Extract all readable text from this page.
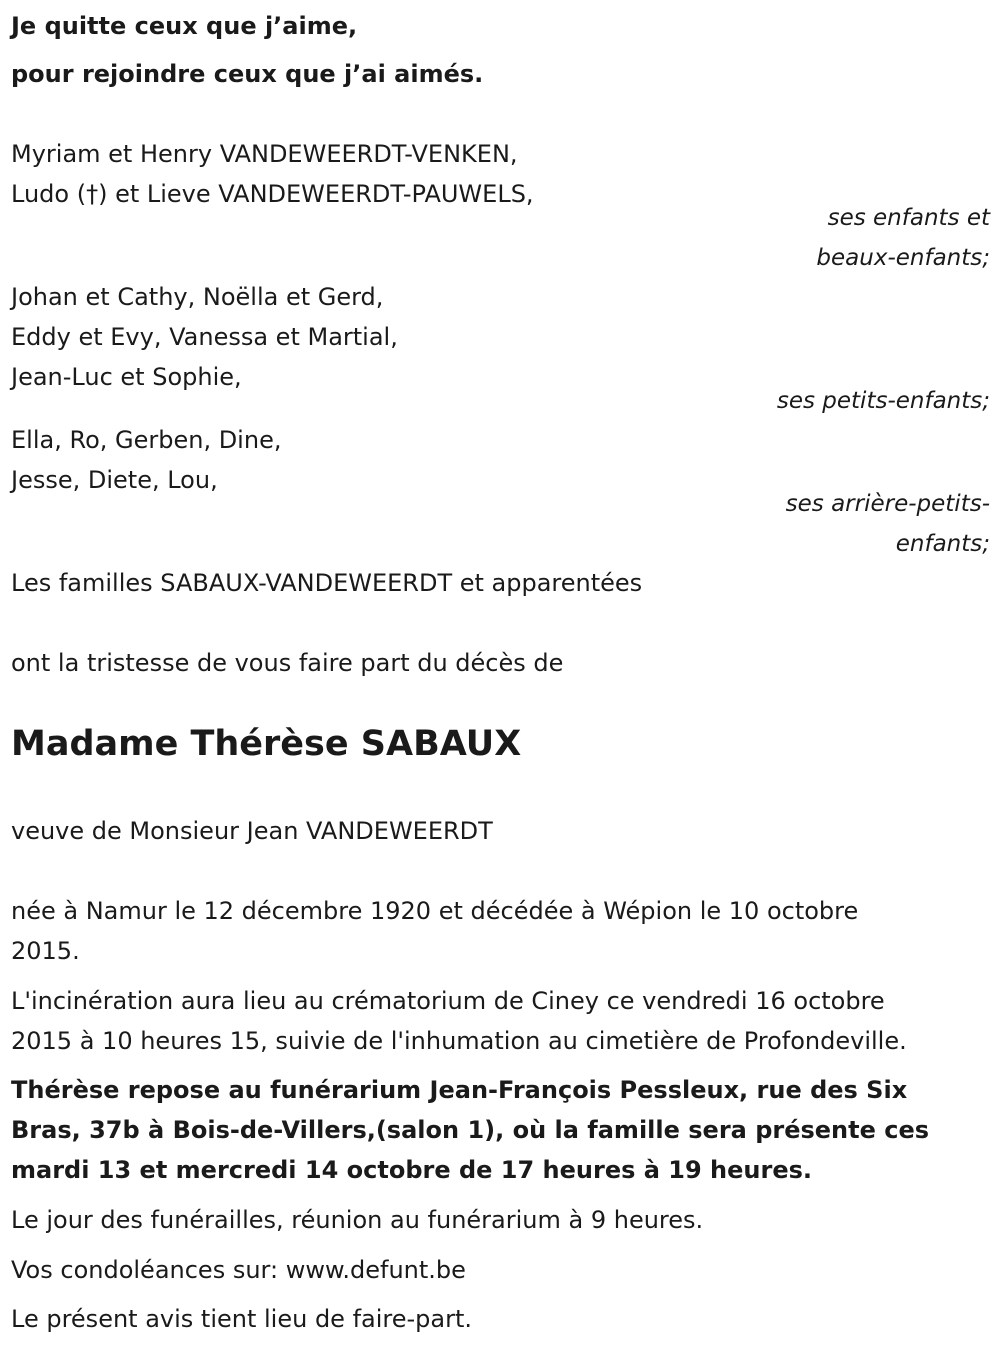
Je quitte ceux que j’aime,

pour rejoindre ceux que j’ai aimés.

Myriam et Henry VANDEWEERDT-VENKEN,

Ludo (†) et Lieve VANDEWEERDT-PAUWELS,

ses enfants et

beaux-enfants;

Johan et Cathy, Noëlla et Gerd,

Eddy et Evy, Vanessa et Martial,

Jean-Luc et Sophie,

ses petits-enfants;

Ella, Ro, Gerben, Dine,

Jesse, Diete, Lou,

ses arrière-petits-

enfants;

Les familles SABAUX-VANDEWEERDT et apparentées

ont la tristesse de vous faire part du décès de

Madame Thérèse SABAUX

veuve de Monsieur Jean VANDEWEERDT

née à Namur le 12 décembre 1920 et décédée à Wépion le 10 octobre

2015.

L'incinération aura lieu au crématorium de Ciney ce vendredi 16 octobre

2015 à 10 heures 15, suivie de l'inhumation au cimetière de Profondeville.

Thérèse repose au funérarium Jean-François Pessleux, rue des Six

Bras, 37b à Bois-de-Villers,(salon 1), où la famille sera présente ces

mardi 13 et mercredi 14 octobre de 17 heures à 19 heures.

Le jour des funérailles, réunion au funérarium à 9 heures.

Vos condoléances sur: www.defunt.be

Le présent avis tient lieu de faire-part.
